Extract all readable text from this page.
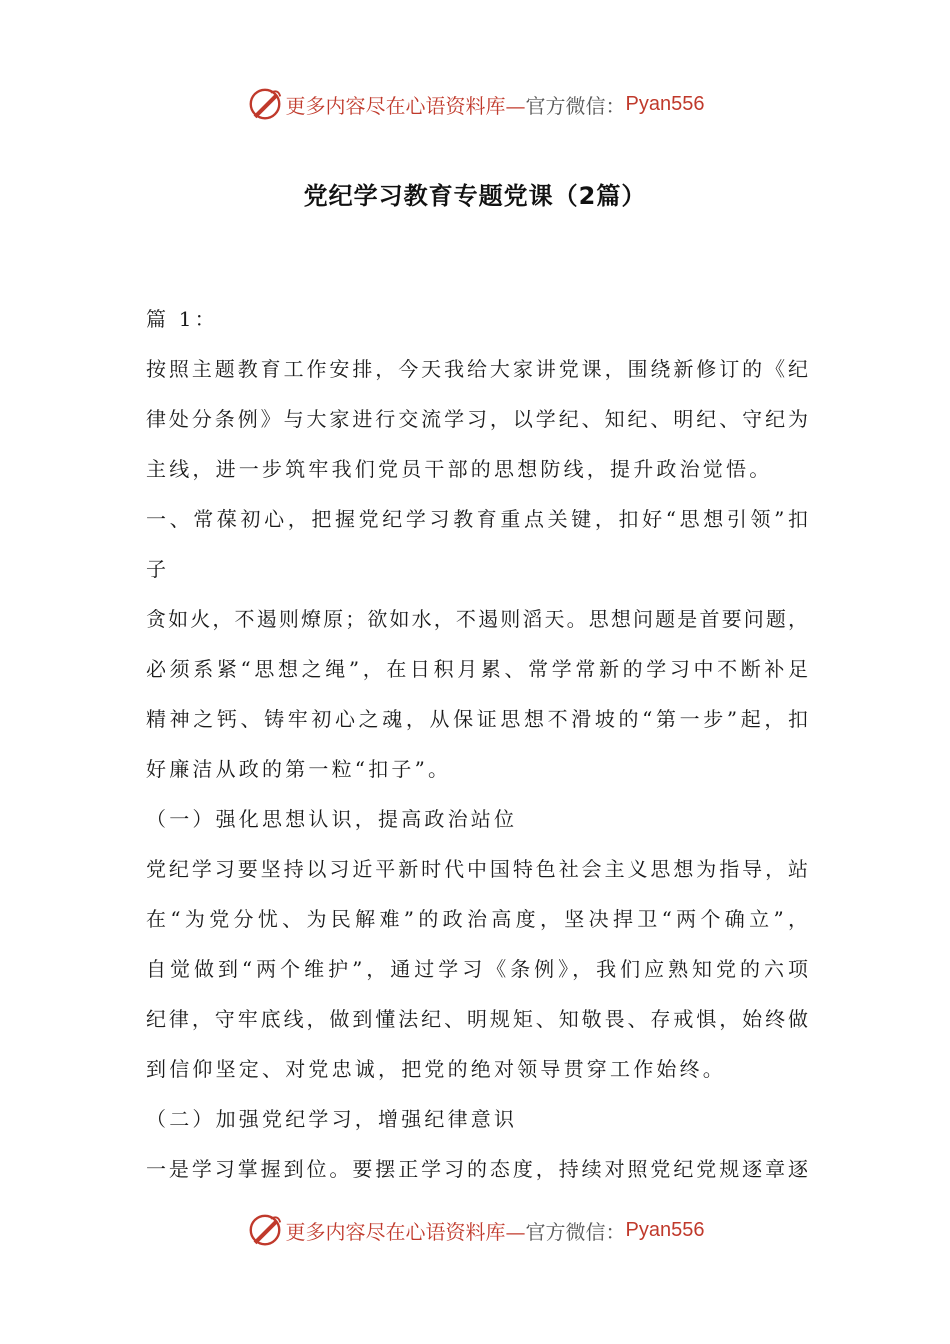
更多内容尽在心语资料库— 官方微信： Pyan556
党纪学习教育专题党课（2篇）
篇 1：
按照主题教育工作安排，今天我给大家讲党课，围绕新修订的《纪
律处分条例》与大家进行交流学习，以学纪、知纪、明纪、守纪为
主线，进一步筑牢我们党员干部的思想防线，提升政治觉悟。
一、常葆初心，把握党纪学习教育重点关键，扣好“思想引领”扣
子
贪如火，不遏则燎原；欲如水，不遏则滔天。思想问题是首要问题，
必须系紧“思想之绳”，在日积月累、常学常新的学习中不断补足
精神之钙、铸牢初心之魂，从保证思想不滑坡的“第一步”起，扣
好廉洁从政的第一粒“扣子”。
（一）强化思想认识，提高政治站位
党纪学习要坚持以习近平新时代中国特色社会主义思想为指导，站
在“为党分忧、为民解难”的政治高度，坚决捍卫“两个确立”，
自觉做到“两个维护”，通过学习《条例》，我们应熟知党的六项
纪律，守牢底线，做到懂法纪、明规矩、知敬畏、存戒惧，始终做
到信仰坚定、对党忠诚，把党的绝对领导贯穿工作始终。
（二）加强党纪学习，增强纪律意识
一是学习掌握到位。要摆正学习的态度，持续对照党纪党规逐章逐
更多内容尽在心语资料库— 官方微信： Pyan556
